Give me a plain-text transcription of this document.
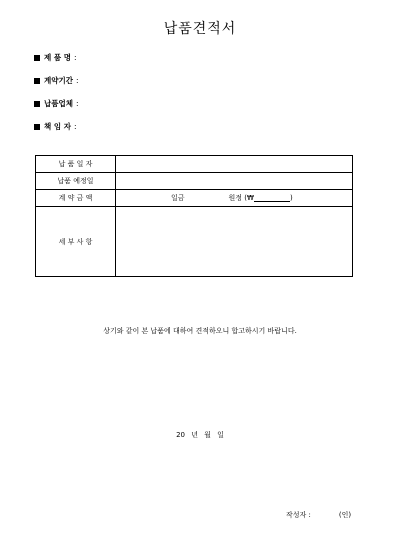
납품견적서
제 품 명 :
계약기간 :
납품업체 :
책 임 자 :
납 품 일 자	
납품 예정일	
계 약 금 액	일금 원정 (₩ )

세 부 사 항	
상기와 같이 본 납품에 대하여 견적하오니 합고하시기 바랍니다.
20 년 월 일
작성자 :	(인)
